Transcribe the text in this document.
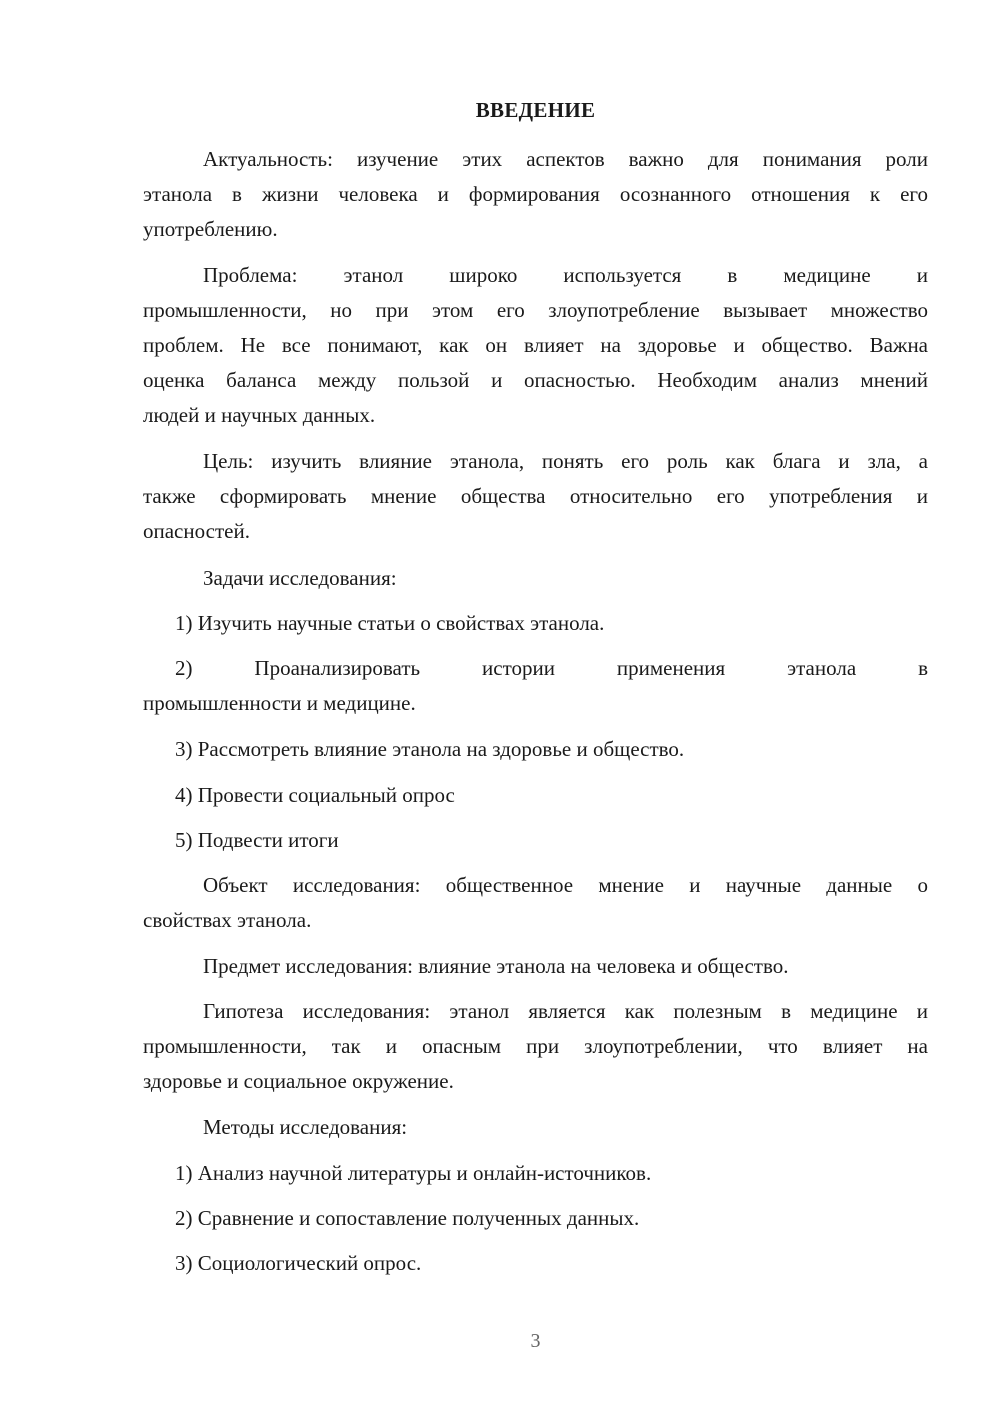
ВВЕДЕНИЕ
Актуальность: изучение этих аспектов важно для понимания роли
этанола в жизни человека и формирования осознанного отношения к его
употреблению.
Проблема: этанол широко используется в медицине и
промышленности, но при этом его злоупотребление вызывает множество
проблем. Не все понимают, как он влияет на здоровье и общество. Важна
оценка баланса между пользой и опасностью. Необходим анализ мнений
людей и научных данных.
Цель: изучить влияние этанола, понять его роль как блага и зла, а
также сформировать мнение общества относительно его употребления и
опасностей.
Задачи исследования:
1) Изучить научные статьи о свойствах этанола.
2) Проанализировать истории применения этанола в
промышленности и медицине.
3) Рассмотреть влияние этанола на здоровье и общество.
4) Провести социальный опрос
5) Подвести итоги
Объект исследования: общественное мнение и научные данные о
свойствах этанола.
Предмет исследования: влияние этанола на человека и общество.
Гипотеза исследования: этанол является как полезным в медицине и
промышленности, так и опасным при злоупотреблении, что влияет на
здоровье и социальное окружение.
Методы исследования:
1) Анализ научной литературы и онлайн-источников.
2) Сравнение и сопоставление полученных данных.
3) Социологический опрос.
3
